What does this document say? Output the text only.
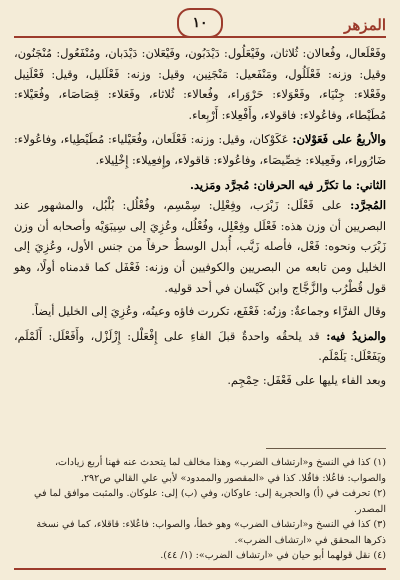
المزهر
١٠

وفَعْلَعال، وفُعالان: ثُلاثان، وفَيْعَلُول: دَيْدَبُون، وفَيْعَلان: دَيْدَبان، ومُنْفَعُول: مُنْجَنُون، وقيل: وزنه: فَعْلَلُول، ومَنْفَعيل: مَنْجَنِين، وقيل: وزنه: فَعْلَليل، وقيل: فَعْلَنِيل وفَعْلاء: جِنْيَاء، وفَعْوَلاء: حَرْوَراء، وفُعالاء: ثُلاثاء، وفَعَلاء: قِصَاصَاء، وفُعَيْلاء: مُطَيْطاء، وفاعُولاء: فاقولاء، وأَفْعِلاء: أَرْبِعاء.

والأربعُ على فَعَوْلان: عَكَوْكان، وقيل: وزنه: فَعْلَعان، وفُعَيْلياء: مُطَيْطِياء، وفاعُولاء: ضَارُوراء، وفَعِيلاء: خِصِّيصَاء، وفاعُولاء: قاقولاء، وإِفعِيلاء: إِخْلِيلاء.

الثاني: ما تكرَّر فيه الحرفان: مُجرَّد ومَزيد.

المُجرَّد: على فَعْلَل: زَبْرَب، وفِعْلِل: سِمْسِم، وفُعْلُل: بُلْبُل، والمشهور عند البصريين أن وزن هذه: فَعْلَل وفِعْلِل، وفُعْلُل، وعُزِيَ إلى سِيبَوَيْه وأصحابه أن وزن زَبْرَب ونحوه: فَعْل، فأصله زَبَّب، أُبدل الوسطُ حرفاً من جنس الأول، وعُزِيَ إلى الخليل ومن تابعه من البصريين والكوفيين أن وزنه: فَعْفَل كما قدمناه أولًا، وهو قول قُطْرُب والزَّجَّاج وابن كَيْسان في أحد قوليه.

وقال الفرَّاء وجماعةٌ: وزنُه: فَعْفَع، تكررت فاؤه وعينُه، وعُزِيَ إلى الخليل أيضاً.

والمزيدُ فيه: قد يلحقُه واحدةٌ قبلَ الفاءِ على إِفْعَلْل: إِزْلَزْل، وأَفَعْلَل: أَلَمْلَم، ويَفَعْلَل: يَلَمْلَم.

وبعد الفاء يليها على فَعْفَل: حِمْجِم.

(١) كذا في النسخ و«ارتشاف الضرب» وهذا مخالف لما يتحدث عنه فهنا أربع زيادات، والصواب: فاعُلا: فاقُلا. كذا في «المقصور والممدود» لأبي علي القالي ص٢٩٢.

(٢) تحرفت في (أ) والحجرية إلى: عاوكان، وفي (ب) إلى: علوكان. والمثبت موافق لما في المصدر.

(٣) كذا في النسخ و«ارتشاف الضرب» وهو خطأ، والصواب: فاعُلاء: قاقلاء، كما في نسخة ذكرها المحقق في «ارتشاف الضرب».

(٤) نقل قولهما أبو حيان في «ارتشاف الضرب»: (١/ ٤٤).
